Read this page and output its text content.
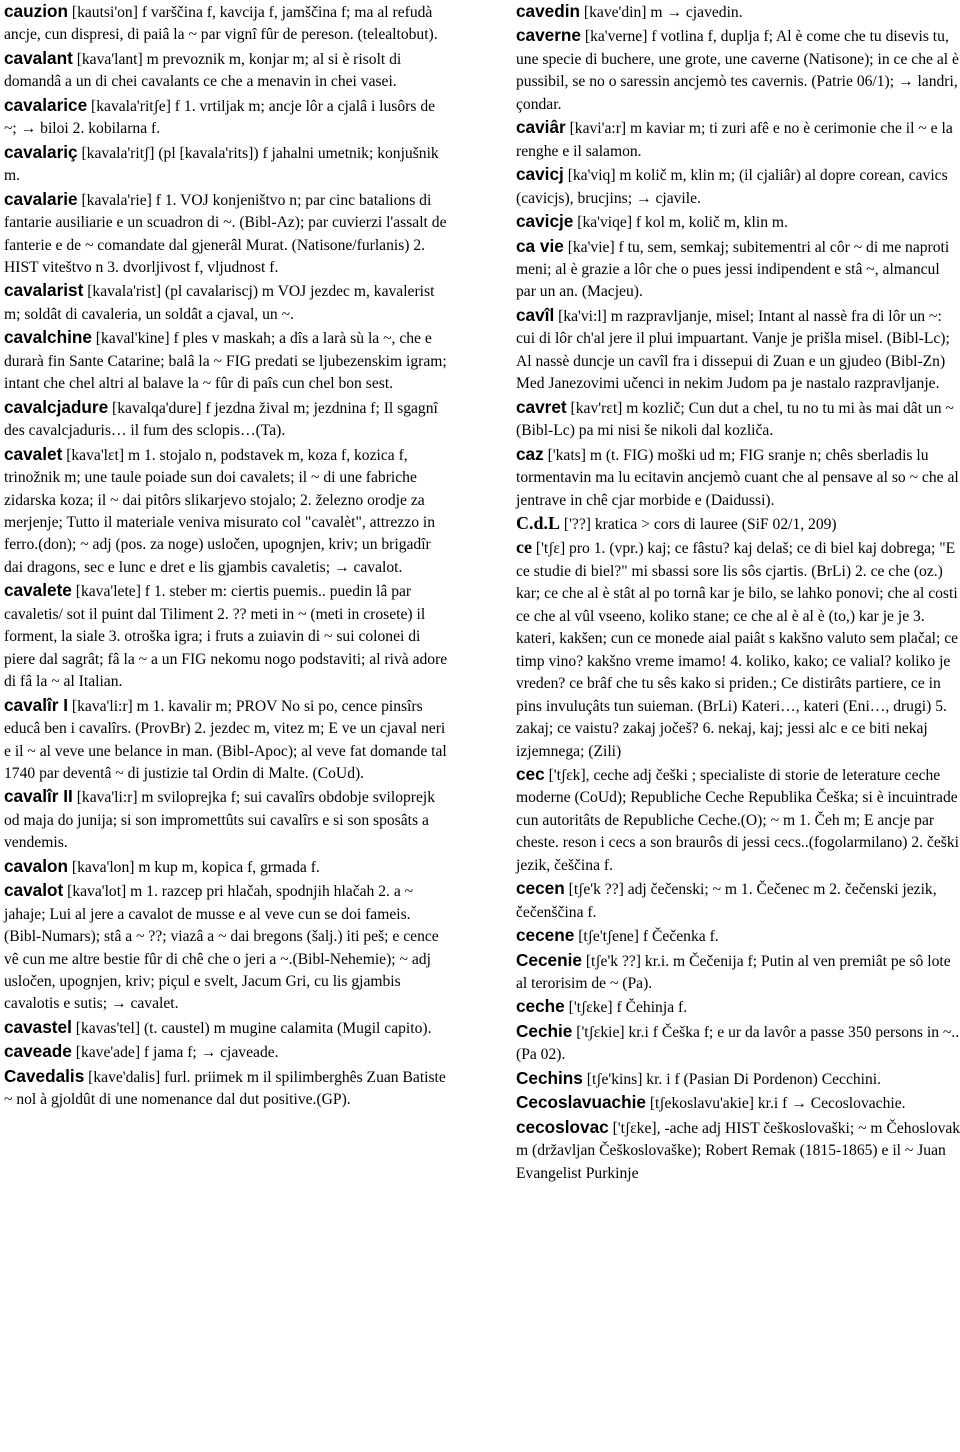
cauzion [kautsi'on] f varščina f, kavcija f, jamščina f; ma al refudà ancje, cun dispresi, di paiâ la ~ par vignî fûr de pereson. (telealtobut).

cavalant [kava'lant] m prevoznik m, konjar m; al si è risolt di domandâ a un di chei cavalants ce che a menavin in chei vasei.

cavalarice [kavala'ritʃe] f 1. vrtiljak m; ancje lôr a cjalâ i lusôrs de ~; → biloi 2. kobilarna f.

cavalariç [kavala'ritʃ] (pl [kavala'rits]) f jahalni umetnik; konjušnik m.

cavalarie [kavala'rie] f 1. VOJ konjeništvo n; par cinc batalions di fantarie ausiliarie e un scuadron di ~. (Bibl-Az); par cuvierzi l'assalt de fanterie e de ~ comandate dal gjenerâl Murat. (Natisone/furlanis) 2. HIST viteštvo n 3. dvorljivost f, vljudnost f.

cavalarist [kavala'rist] (pl cavalariscj) m VOJ jezdec m, kavalerist m; soldât di cavaleria, un soldât a cjaval, un ~.

cavalchine [kaval'kine] f ples v maskah; a dîs a larà sù la ~, che e durarà fin Sante Catarine; balâ la ~ FIG predati se ljubezenskim igram; intant che chel altri al balave la ~ fûr di paîs cun chel bon sest.

cavalcjadure [kavalqa'dure] f jezdna žival m; jezdnina f; Il sgagnî des cavalcjaduris… il fum des sclopis…(Ta).

cavalet [kava'lɛt] m 1. stojalo n, podstavek m, koza f, kozica f, trinožnik m; une taule poiade sun doi cavalets; il ~ di une fabriche zidarska koza; il ~ dai pitôrs slikarjevo stojalo; 2. železno orodje za merjenje; Tutto il materiale veniva misurato col "cavalèt", attrezzo in ferro.(don); ~ adj (pos. za noge) usločen, upognjen, kriv; un brigadîr dai dragons, sec e lunc e dret e lis gjambis cavaletis; → cavalot.

cavalete [kava'lete] f 1. steber m: ciertis puemis.. puedin lâ par cavaletis/ sot il puint dal Tiliment 2. ?? meti in ~ (meti in crosete) il forment, la siale 3. otroška igra; i fruts a zuiavin di ~ sui colonei di piere dal sagrât; fâ la ~ a un FIG nekomu nogo podstaviti; al rivà adore di fâ la ~ al Italian.

cavalîr I [kava'li:r] m 1. kavalir m; PROV No si po, cence pinsîrs educâ ben i cavalîrs. (ProvBr) 2. jezdec m, vitez m; E ve un cjaval neri e il ~ al veve une belance in man. (Bibl-Apoc); al veve fat domande tal 1740 par deventâ ~ di justizie tal Ordin di Malte. (CoUd).

cavalîr II [kava'li:r] m sviloprejka f; sui cavalîrs obdobje sviloprejk od maja do junija; si son impromettûts sui cavalîrs e si son sposâts a vendemis.

cavalon [kava'lon] m kup m, kopica f, grmada f.

cavalot [kava'lot] m 1. razcep pri hlačah, spodnjih hlačah 2. a ~ jahaje; Lui al jere a cavalot de musse e al veve cun se doi fameis. (Bibl-Numars); stâ a ~ ??; viazâ a ~ dai bregons (šalj.) iti peš; e cence vê cun me altre bestie fûr di chê che o jeri a ~.(Bibl-Nehemie); ~ adj usločen, upognjen, kriv; piçul e svelt, Jacum Gri, cu lis gjambis cavalotis e sutis; → cavalet.

cavastel [kavas'tel] (t. caustel) m mugine calamita (Mugil capito).

caveade [kave'ade] f jama f; → cjaveade.

Cavedalis [kave'dalis] furl. priimek m il spilimberghês Zuan Batiste ~ nol à gjoldût di une nomenance dal dut positive.(GP).

cavedin [kave'din] m → cjavedin.

caverne [ka'verne] f votlina f, duplja f; Al è come che tu disevis tu, une specie di buchere, une grote, une caverne (Natisone); in ce che al è pussibil, se no o saressin ancjemò tes cavernis. (Patrie 06/1); → landri, çondar.

caviâr [kavi'a:r] m kaviar m; ti zuri afê e no è cerimonie che il ~ e la renghe e il salamon.

cavicj [ka'viq] m količ m, klin m; (il cjaliâr) al dopre corean, cavics (cavicjs), brucjins; → cjavile.

cavicje [ka'viqe] f kol m, količ m, klin m.

ca vie [ka'vie] f tu, sem, semkaj; subitementri al côr ~ di me naproti meni; al è grazie a lôr che o pues jessi indipendent e stâ ~, almancul par un an. (Macjeu).

cavîl [ka'vi:l] m razpravljanje, misel; Intant al nassè fra di lôr un ~: cui di lôr ch'al jere il plui impuartant. Vanje je prišla misel. (Bibl-Lc); Al nassè duncje un cavîl fra i dissepui di Zuan e un gjudeo (Bibl-Zn) Med Janezovimi učenci in nekim Judom pa je nastalo razpravljanje.

cavret [kav'rɛt] m kozlič; Cun dut a chel, tu no tu mi às mai dât un ~ (Bibl-Lc) pa mi nisi še nikoli dal kozliča.

caz ['kats] m (t. FIG) moški ud m; FIG sranje n; chês sberladis lu tormentavin ma lu ecitavin ancjemò cuant che al pensave al so ~ che al jentrave in chê cjar morbide e (Daidussi).

C.d.L ['??] kratica > cors di lauree (SiF 02/1, 209)

ce ['tʃɛ] pro 1. (vpr.) kaj; ce fâstu? kaj delaš; ce di biel kaj dobrega; "E ce studie di biel?" mi sbassi sore lis sôs cjartis. (BrLi) 2. ce che (oz.) kar; ce che al è stât al po tornâ kar je bilo, se lahko ponovi; che al costi ce che al vûl vseeno, koliko stane; ce che al è al è (to,) kar je je 3. kateri, kakšen; cun ce monede aial paiât s kakšno valuto sem plačal; ce timp vino? kakšno vreme imamo! 4. koliko, kako; ce valial? koliko je vreden? ce brâf che tu sês kako si priden.; Ce distirâts partiere, ce in pins invuluçâts tun suieman. (BrLi) Kateri…, kateri (Eni…, drugi) 5. zakaj; ce vaistu? zakaj jočeš? 6. nekaj, kaj; jessi alc e ce biti nekaj izjemnega; (Zili)

cec ['tʃɛk], ceche adj češki ; specialiste di storie de leterature ceche moderne (CoUd); Republiche Ceche Republika Češka; si è incuintrade cun autoritâts de Republiche Ceche.(O); ~ m 1. Čeh m; E ancje par cheste. reson i cecs a son braurôs di jessi cecs..(fogolarmilano) 2. češki jezik, češčina f.

cecen [tʃe'k ??] adj čečenski; ~ m 1. Čečenec m 2. čečenski jezik, čečenščina f.

cecene [tʃe'tʃene] f Čečenka f.

Cecenie [tʃe'k ??] kr.i. m Čečenija f; Putin al ven premiât pe sô lote al terorisim de ~ (Pa).

ceche ['tʃɛke] f Čehinja f.

Cechie ['tʃɛkie] kr.i f Češka f; e ur da lavôr a passe 350 persons in ~.. (Pa 02).

Cechins [tʃe'kins] kr. i f (Pasian Di Pordenon) Cecchini.

Cecoslavuachie [tʃekoslavu'akie] kr.i f → Cecoslovachie.

cecoslovac ['tʃɛke], -ache adj HIST češkoslovaški; ~ m Čehoslovak m (državljan Češkoslovaške); Robert Remak (1815-1865) e il ~ Juan Evangelist Purkinje
